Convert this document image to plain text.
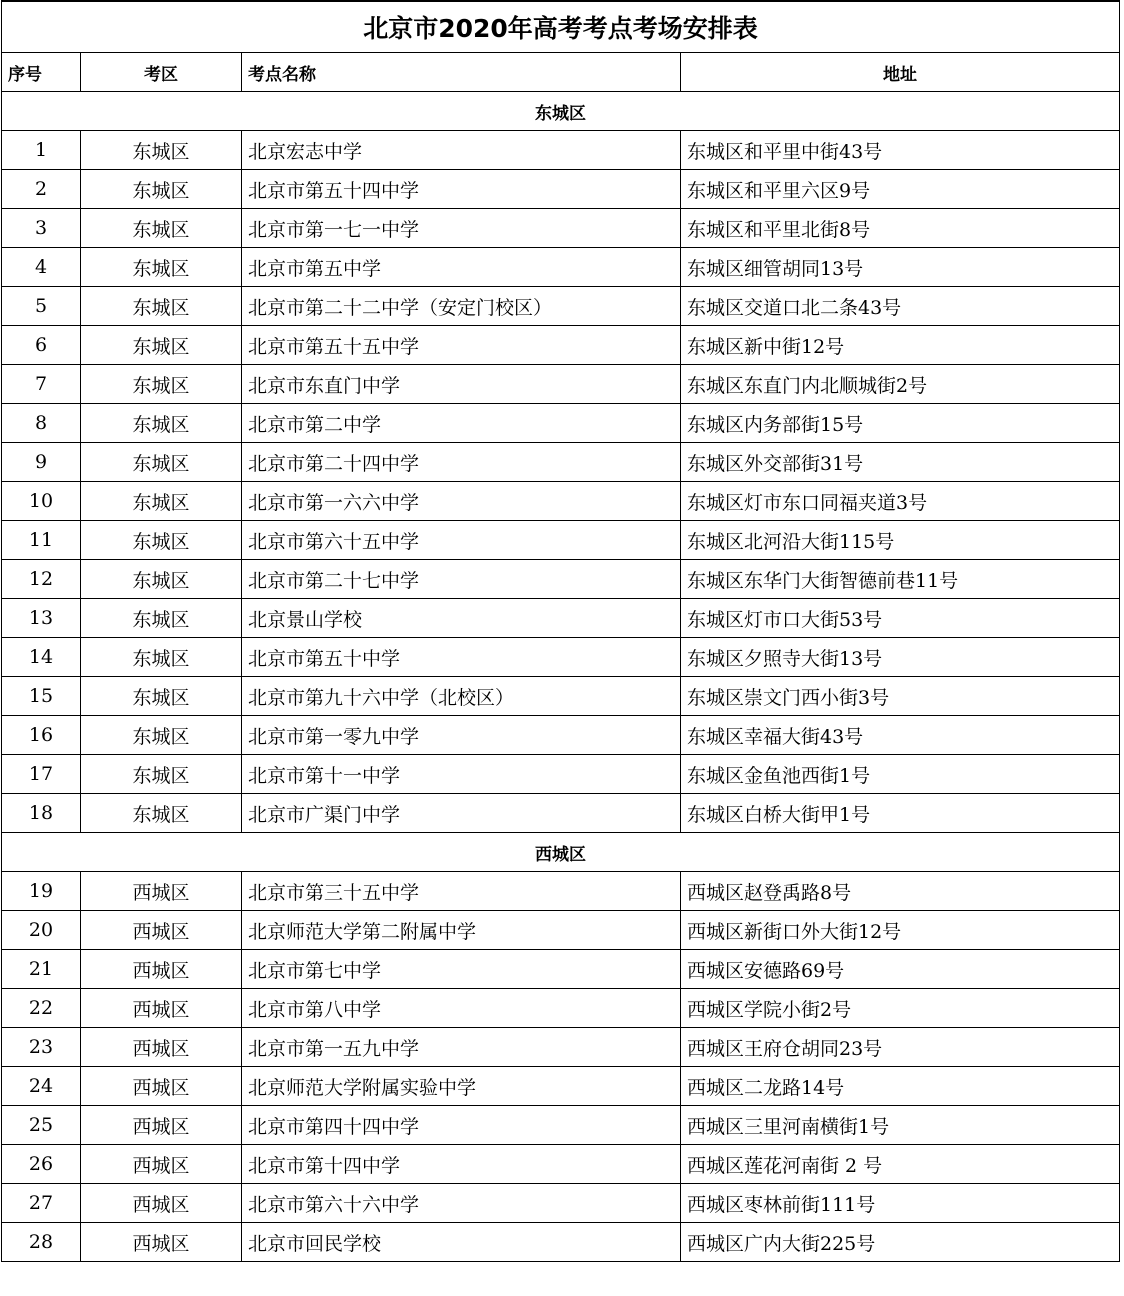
北京市2020年高考考点考场安排表			
序号	考区	考点名称	地址
东城区			
1	东城区	北京宏志中学	东城区和平里中街43号
2	东城区	北京市第五十四中学	东城区和平里六区9号
3	东城区	北京市第一七一中学	东城区和平里北街8号
4	东城区	北京市第五中学	东城区细管胡同13号
5	东城区	北京市第二十二中学（安定门校区）	东城区交道口北二条43号
6	东城区	北京市第五十五中学	东城区新中街12号
7	东城区	北京市东直门中学	东城区东直门内北顺城街2号
8	东城区	北京市第二中学	东城区内务部街15号
9	东城区	北京市第二十四中学	东城区外交部街31号
10	东城区	北京市第一六六中学	东城区灯市东口同福夹道3号
11	东城区	北京市第六十五中学	东城区北河沿大街115号
12	东城区	北京市第二十七中学	东城区东华门大街智德前巷11号
13	东城区	北京景山学校	东城区灯市口大街53号
14	东城区	北京市第五十中学	东城区夕照寺大街13号
15	东城区	北京市第九十六中学（北校区）	东城区崇文门西小街3号
16	东城区	北京市第一零九中学	东城区幸福大街43号
17	东城区	北京市第十一中学	东城区金鱼池西街1号
18	东城区	北京市广渠门中学	东城区白桥大街甲1号
西城区			
19	西城区	北京市第三十五中学	西城区赵登禹路8号
20	西城区	北京师范大学第二附属中学	西城区新街口外大街12号
21	西城区	北京市第七中学	西城区安德路69号
22	西城区	北京市第八中学	西城区学院小街2号
23	西城区	北京市第一五九中学	西城区王府仓胡同23号
24	西城区	北京师范大学附属实验中学	西城区二龙路14号
25	西城区	北京市第四十四中学	西城区三里河南横街1号
26	西城区	北京市第十四中学	西城区莲花河南街 2 号
27	西城区	北京市第六十六中学	西城区枣林前街111号
28	西城区	北京市回民学校	西城区广内大街225号
